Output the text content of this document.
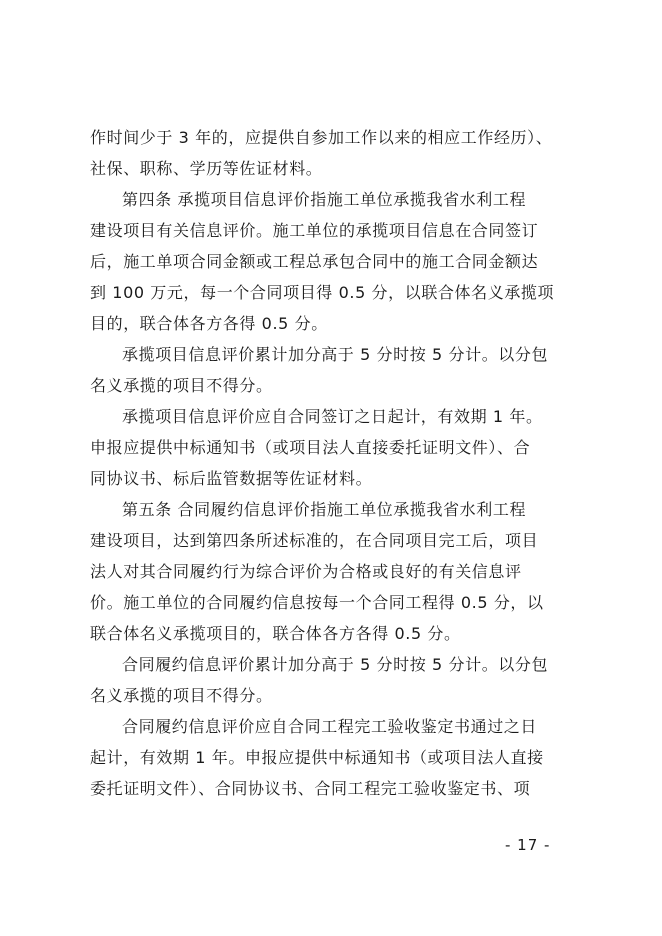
作时间少于 3 年的，应提供自参加工作以来的相应工作经历）、
社保、职称、学历等佐证材料。
第四条 承揽项目信息评价指施工单位承揽我省水利工程
建设项目有关信息评价。施工单位的承揽项目信息在合同签订
后，施工单项合同金额或工程总承包合同中的施工合同金额达
到 100 万元，每一个合同项目得 0.5 分，以联合体名义承揽项
目的，联合体各方各得 0.5 分。
承揽项目信息评价累计加分高于 5 分时按 5 分计。以分包
名义承揽的项目不得分。
承揽项目信息评价应自合同签订之日起计，有效期 1 年。
申报应提供中标通知书（或项目法人直接委托证明文件）、合
同协议书、标后监管数据等佐证材料。
第五条 合同履约信息评价指施工单位承揽我省水利工程
建设项目，达到第四条所述标准的，在合同项目完工后，项目
法人对其合同履约行为综合评价为合格或良好的有关信息评
价。施工单位的合同履约信息按每一个合同工程得 0.5 分，以
联合体名义承揽项目的，联合体各方各得 0.5 分。
合同履约信息评价累计加分高于 5 分时按 5 分计。以分包
名义承揽的项目不得分。
合同履约信息评价应自合同工程完工验收鉴定书通过之日
起计，有效期 1 年。申报应提供中标通知书（或项目法人直接
委托证明文件）、合同协议书、合同工程完工验收鉴定书、项
- 17 -
